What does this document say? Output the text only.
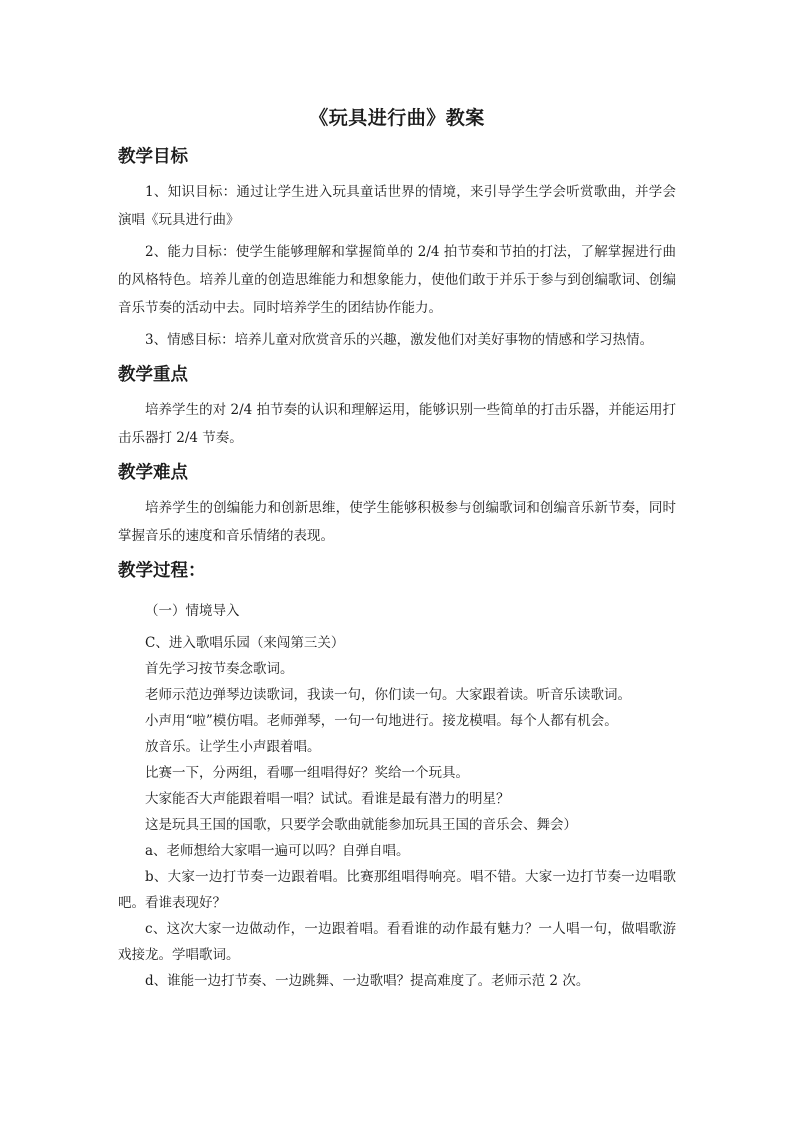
《玩具进行曲》教案
教学目标

1、知识目标：通过让学生进入玩具童话世界的情境，来引导学生学会听赏歌曲，并学会演唱《玩具进行曲》

2、能力目标：使学生能够理解和掌握简单的 2/4 拍节奏和节拍的打法，了解掌握进行曲的风格特色。培养儿童的创造思维能力和想象能力，使他们敢于并乐于参与到创编歌词、创编音乐节奏的活动中去。同时培养学生的团结协作能力。

3、情感目标：培养儿童对欣赏音乐的兴趣，激发他们对美好事物的情感和学习热情。

教学重点

培养学生的对 2/4 拍节奏的认识和理解运用，能够识别一些简单的打击乐器，并能运用打击乐器打 2/4 节奏。

教学难点

培养学生的创编能力和创新思维，使学生能够积极参与创编歌词和创编音乐新节奏，同时掌握音乐的速度和音乐情绪的表现。

教学过程：

（一）情境导入

C、进入歌唱乐园（来闯第三关）

首先学习按节奏念歌词。

老师示范边弹琴边读歌词，我读一句，你们读一句。大家跟着读。听音乐读歌词。

小声用“啦”模仿唱。老师弹琴，一句一句地进行。接龙模唱。每个人都有机会。

放音乐。让学生小声跟着唱。

比赛一下，分两组，看哪一组唱得好？奖给一个玩具。

大家能否大声能跟着唱一唱？试试。看谁是最有潜力的明星？

这是玩具王国的国歌，只要学会歌曲就能参加玩具王国的音乐会、舞会）

a、老师想给大家唱一遍可以吗？自弹自唱。

b、大家一边打节奏一边跟着唱。比赛那组唱得响亮。唱不错。大家一边打节奏一边唱歌吧。看谁表现好？

c、这次大家一边做动作，一边跟着唱。看看谁的动作最有魅力？一人唱一句，做唱歌游戏接龙。学唱歌词。

d、谁能一边打节奏、一边跳舞、一边歌唱？提高难度了。老师示范 2 次。
